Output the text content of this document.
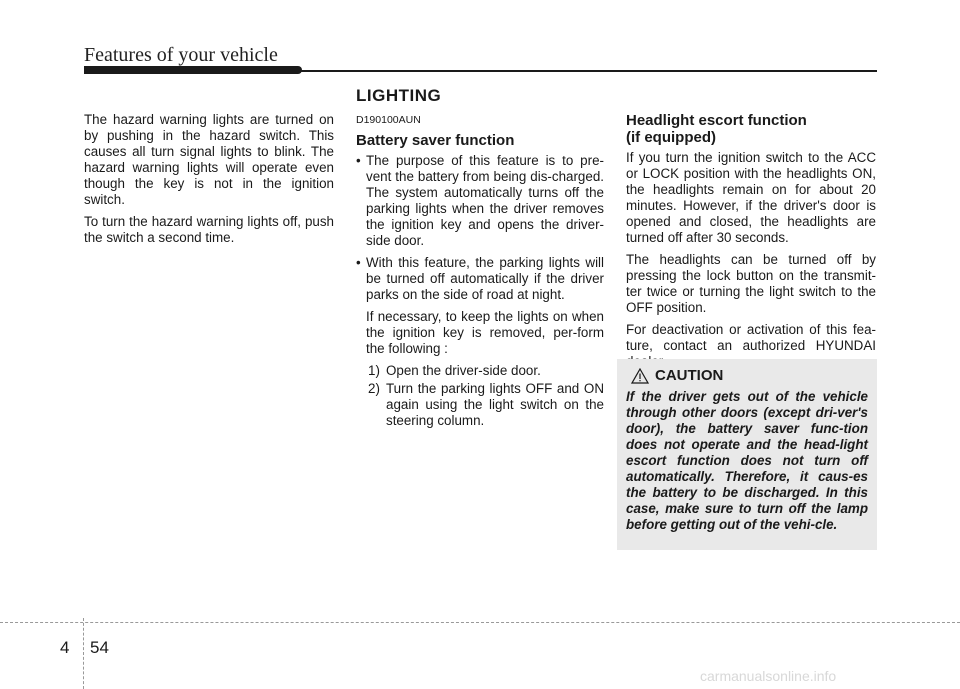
Features of your vehicle
LIGHTING

The hazard warning lights are turned on by pushing in the hazard switch. This causes all turn signal lights to blink. The hazard warning lights will operate even though the key is not in the ignition switch.

To turn the hazard warning lights off, push the switch a second time.

D190100AUN
Battery saver function
• The purpose of this feature is to pre-vent the battery from being dis-charged. The system automatically turns off the parking lights when the driver removes the ignition key and opens the driver- side door.
• With this feature, the parking lights will be turned off automatically if the driver parks on the side of road at night.

If necessary, to keep the lights on when the ignition key is removed, per-form the following :

1) Open the driver-side door.
2) Turn the parking lights OFF and ON again using the light switch on the steering column.
Headlight escort function
(if equipped)

If you turn the ignition switch to the ACC or LOCK position with the headlights ON, the headlights remain on for about 20 minutes. However, if the driver's door is opened and closed, the headlights are turned off after 30 seconds.

The headlights can be turned off by pressing the lock button on the transmit-ter twice or turning the light switch to the OFF position.

For deactivation or activation of this fea-ture, contact an authorized HYUNDAI

CAUTION
If the driver gets out of the vehicle through other doors (except dri-ver's door), the battery saver func-tion does not operate and the head-light escort function does not turn off automatically. Therefore, it caus-es the battery to be discharged. In this case, make sure to turn off the lamp before getting out of the vehi-cle.
4 54
carmanualsonline.info
